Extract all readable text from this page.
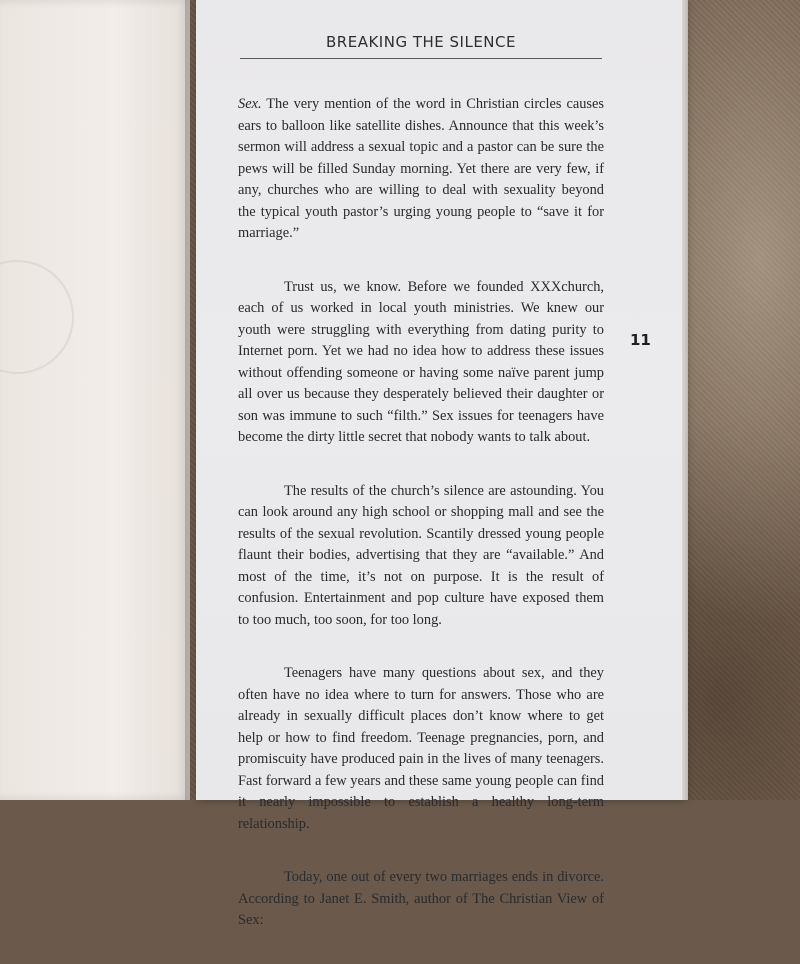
BREAKING THE SILENCE
11

Sex. The very mention of the word in Christian circles causes ears to balloon like satellite dishes. Announce that this week’s sermon will address a sexual topic and a pastor can be sure the pews will be filled Sunday morning. Yet there are very few, if any, churches who are willing to deal with sexuality beyond the typical youth pastor’s urging young people to “save it for marriage.”

Trust us, we know. Before we founded XXXchurch, each of us worked in local youth ministries. We knew our youth were struggling with everything from dating purity to Internet porn. Yet we had no idea how to address these issues without offending someone or having some naïve parent jump all over us because they desperately believed their daughter or son was immune to such “filth.” Sex issues for teenagers have become the dirty little secret that nobody wants to talk about.

The results of the church’s silence are astounding. You can look around any high school or shopping mall and see the results of the sexual revolution. Scantily dressed young people flaunt their bodies, advertising that they are “available.” And most of the time, it’s not on purpose. It is the result of confusion. Entertainment and pop culture have exposed them to too much, too soon, for too long.

Teenagers have many questions about sex, and they often have no idea where to turn for answers. Those who are already in sexually difficult places don’t know where to get help or how to find freedom. Teenage pregnancies, porn, and promiscuity have produced pain in the lives of many teenagers. Fast forward a few years and these same young people can find it nearly impossible to establish a healthy long-term relationship.

Today, one out of every two marriages ends in divorce. According to Janet E. Smith, author of The Christian View of Sex:
